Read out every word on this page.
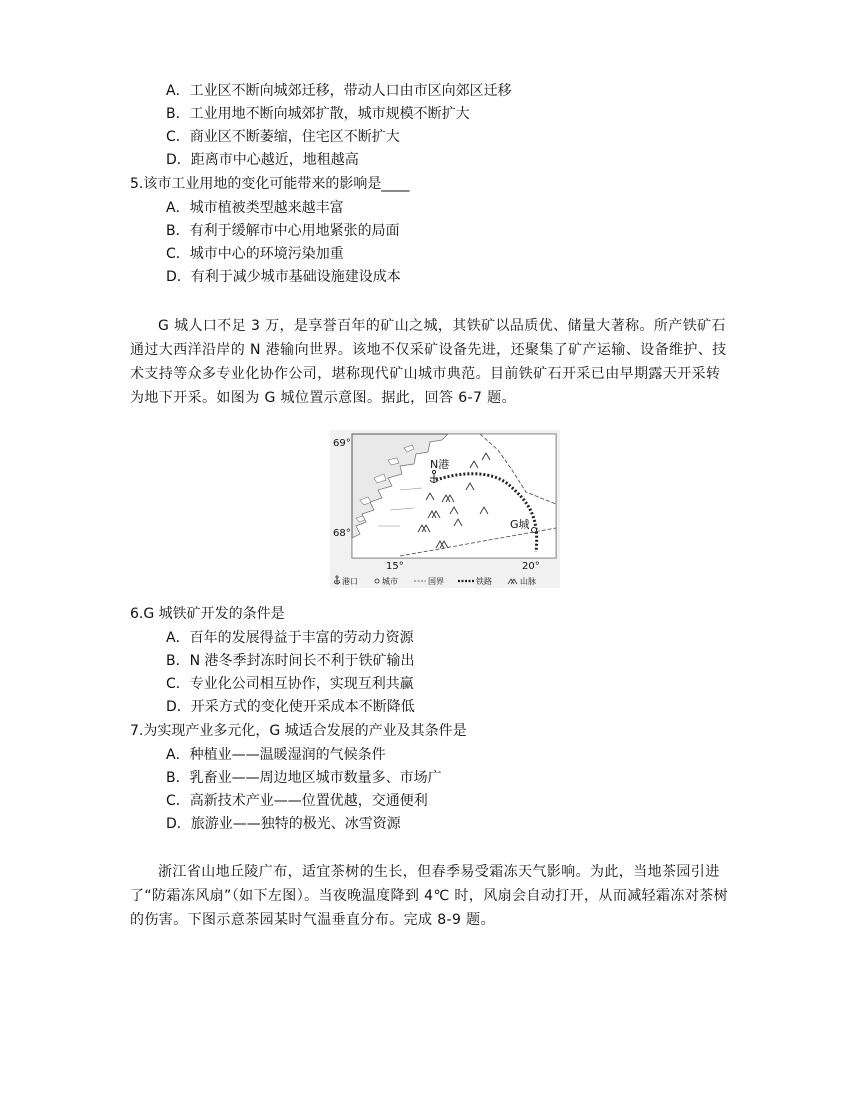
A．工业区不断向城郊迁移，带动人口由市区向郊区迁移
B．工业用地不断向城郊扩散，城市规模不断扩大
C．商业区不断萎缩，住宅区不断扩大
D．距离市中心越近，地租越高
5.该市工业用地的变化可能带来的影响是____
A．城市植被类型越来越丰富
B．有利于缓解市中心用地紧张的局面
C．城市中心的环境污染加重
D．有利于减少城市基础设施建设成本

G 城人口不足 3 万，是享誉百年的矿山之城，其铁矿以品质优、储量大著称。所产铁矿石通过大西洋沿岸的 N 港输向世界。该地不仅采矿设备先进，还聚集了矿产运输、设备维护、技术支持等众多专业化协作公司，堪称现代矿山城市典范。目前铁矿石开采已由早期露天开采转为地下开采。如图为 G 城位置示意图。据此，回答 6-7 题。

N港
G城
69°
68°
15°	20°
港口	城市	国界	铁路	山脉
6.G 城铁矿开发的条件是
A．百年的发展得益于丰富的劳动力资源
B．N 港冬季封冻时间长不利于铁矿输出
C．专业化公司相互协作，实现互利共赢
D．开采方式的变化使开采成本不断降低
7.为实现产业多元化，G 城适合发展的产业及其条件是
A．种植业——温暖湿润的气候条件
B．乳畜业——周边地区城市数量多、市场广
C．高新技术产业——位置优越，交通便利
D．旅游业——独特的极光、冰雪资源

浙江省山地丘陵广布，适宜茶树的生长，但春季易受霜冻天气影响。为此，当地茶园引进了“防霜冻风扇”（如下左图）。当夜晚温度降到 4℃ 时，风扇会自动打开，从而减轻霜冻对茶树的伤害。下图示意茶园某时气温垂直分布。完成 8-9 题。
